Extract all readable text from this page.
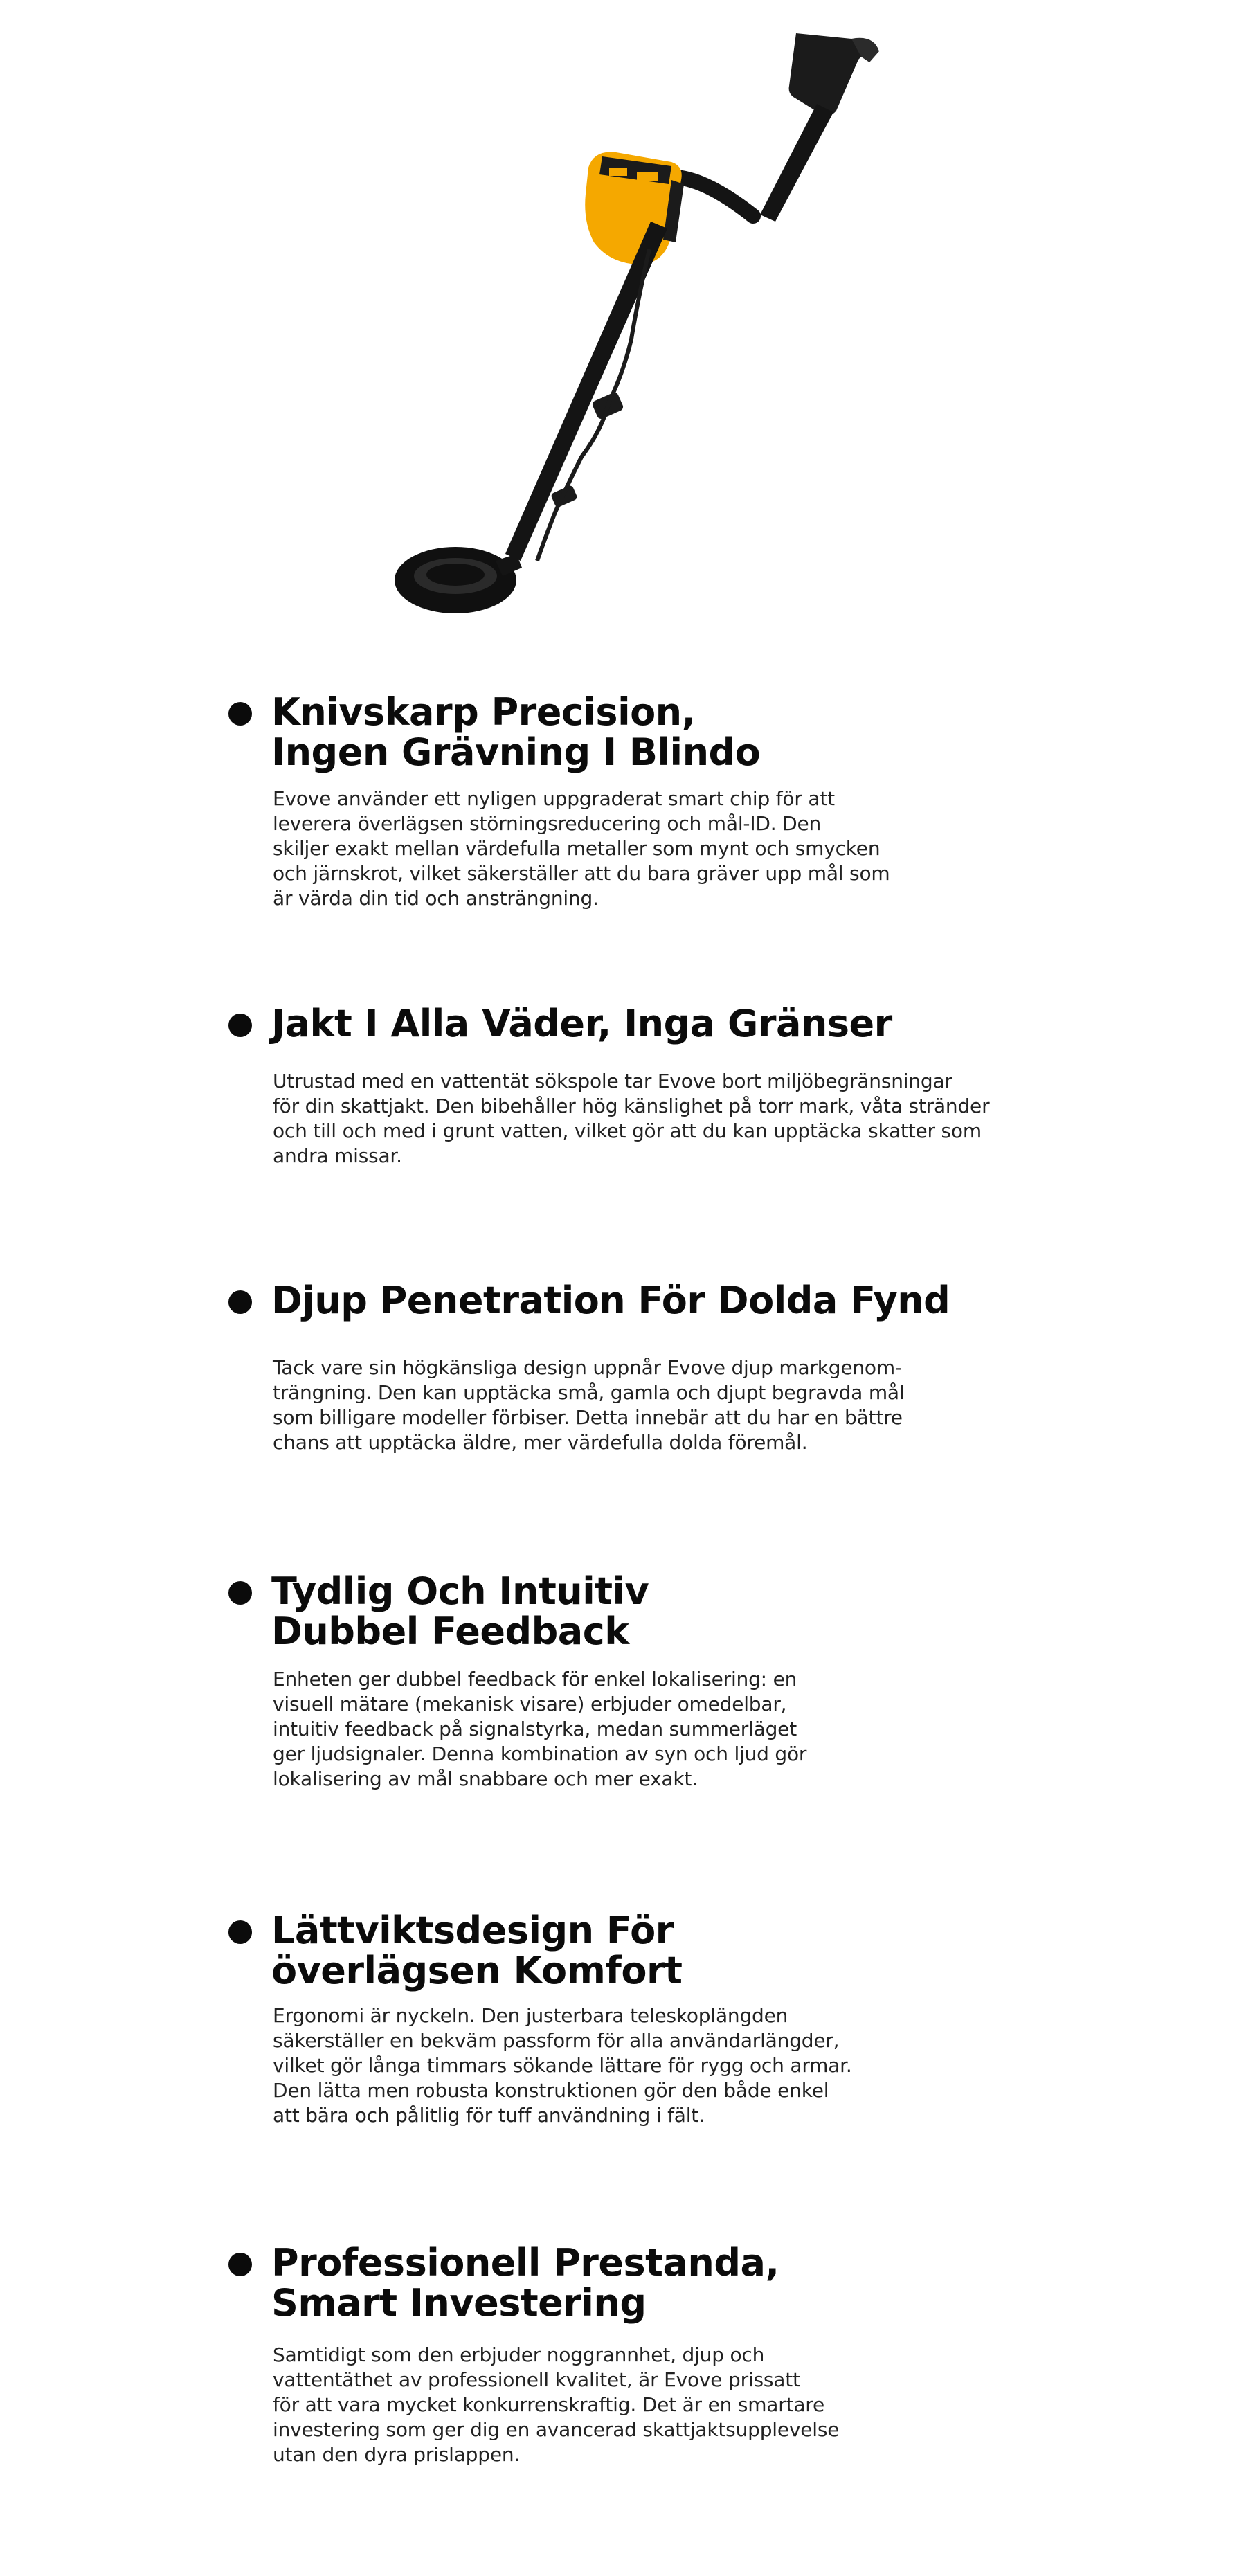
Knivskarp Precision,
Ingen Grävning I Blindo

Evove använder ett nyligen uppgraderat smart chip för att
leverera överlägsen störningsreducering och mål-ID. Den
skiljer exakt mellan värdefulla metaller som mynt och smycken
och järnskrot, vilket säkerställer att du bara gräver upp mål som
är värda din tid och ansträngning.

Jakt I Alla Väder, Inga Gränser

Utrustad med en vattentät sökspole tar Evove bort miljöbegränsningar
för din skattjakt. Den bibehåller hög känslighet på torr mark, våta stränder
och till och med i grunt vatten, vilket gör att du kan upptäcka skatter som
andra missar.

Djup Penetration För Dolda Fynd

Tack vare sin högkänsliga design uppnår Evove djup markgenom-
trängning. Den kan upptäcka små, gamla och djupt begravda mål
som billigare modeller förbiser. Detta innebär att du har en bättre
chans att upptäcka äldre, mer värdefulla dolda föremål.

Tydlig Och Intuitiv
Dubbel Feedback

Enheten ger dubbel feedback för enkel lokalisering: en
visuell mätare (mekanisk visare) erbjuder omedelbar,
intuitiv feedback på signalstyrka, medan summerläget
ger ljudsignaler. Denna kombination av syn och ljud gör
lokalisering av mål snabbare och mer exakt.

Lättviktsdesign För
överlägsen Komfort

Ergonomi är nyckeln. Den justerbara teleskoplängden
säkerställer en bekväm passform för alla användarlängder,
vilket gör långa timmars sökande lättare för rygg och armar.
Den lätta men robusta konstruktionen gör den både enkel
att bära och pålitlig för tuff användning i fält.

Professionell Prestanda,
Smart Investering

Samtidigt som den erbjuder noggrannhet, djup och
vattentäthet av professionell kvalitet, är Evove prissatt
för att vara mycket konkurrenskraftig. Det är en smartare
investering som ger dig en avancerad skattjaktsupplevelse
utan den dyra prislappen.
